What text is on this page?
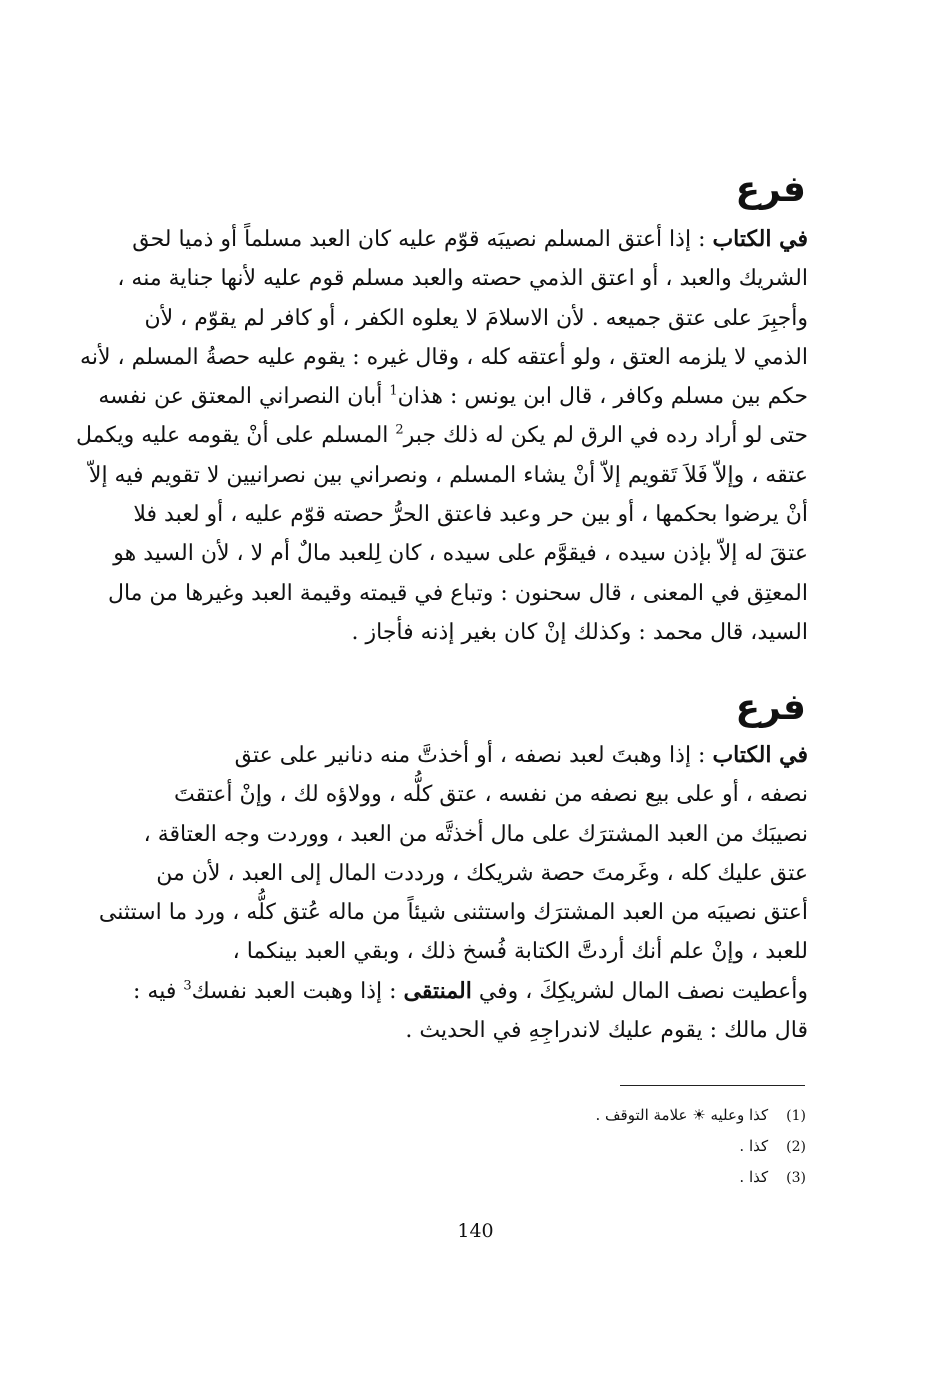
فرع
في الكتاب : إذا أعتق المسلم نصيبَه قوّم عليه كان العبد مسلماً أو ذميا لحق
الشريك والعبد ، أو اعتق الذمي حصته والعبد مسلم قوم عليه لأنها جناية منه ،
وأجبِرَ على عتق جميعه . لأن الاسلامَ لا يعلوه الكفر ، أو كافر لم يقوّم ، لأن
الذمي لا يلزمه العتق ، ولو أعتقه كله ، وقال غيره : يقوم عليه حصةُ المسلم ، لأنه
حكم بين مسلم وكافر ، قال ابن يونس : هذان$^1$ أبان النصراني المعتق عن نفسه
حتى لو أراد رده في الرق لم يكن له ذلك جبر$^2$ المسلم على أنْ يقومه عليه ويكمل
عتقه ، وإلاّ فَلاَ تَقويم إلاّ أنْ يشاء المسلم ، ونصراني بين نصرانيين لا تقويم فيه إلاّ
أنْ يرضوا بحكمها ، أو بين حر وعبد فاعتق الحرُّ حصته قوّم عليه ، أو لعبد فلا
عتقَ له إلاّ بإذن سيده ، فيقوَّم على سيده ، كان لِلعبد مالٌ أم لا ، لأن السيد هو
المعتِق في المعنى ، قال سحنون : وتباع في قيمته وقيمة العبد وغيرها من مال
السيد، قال محمد : وكذلك إنْ كان بغير إذنه فأجاز .
فرع
في الكتاب : إذا وهبتَ لعبد نصفه ، أو أخذتَّ منه دنانير على عتق
نصفه ، أو على بيع نصفه من نفسه ، عتق كلُّه ، وولاؤه لك ، وإنْ أعتقتَ
نصيبَك من العبد المشترَك على مال أخذتَّه من العبد ، ووردت وجه العتاقة ،
عتق عليك كله ، وغَرمتَ حصة شريكك ، ورددت المال إلى العبد ، لأن من
أعتق نصيبَه من العبد المشترَك واستثنى شيئاً من ماله عُتق كلُّه ، ورد ما استثنى
للعبد ، وإنْ علم أنك أردتَّ الكتابة فُسخ ذلك ، وبقي العبد بينكما ،
وأعطيت نصف المال لشريكِكَ ، وفي المنتقى : إذا وهبت العبد نفسك$^3$ فيه :
قال مالك : يقوم عليك لاندراجِهِ في الحديث .
(1)كذا وعليه ☀ علامة التوقف .
(2)كذا .
(3)كذا .
140
